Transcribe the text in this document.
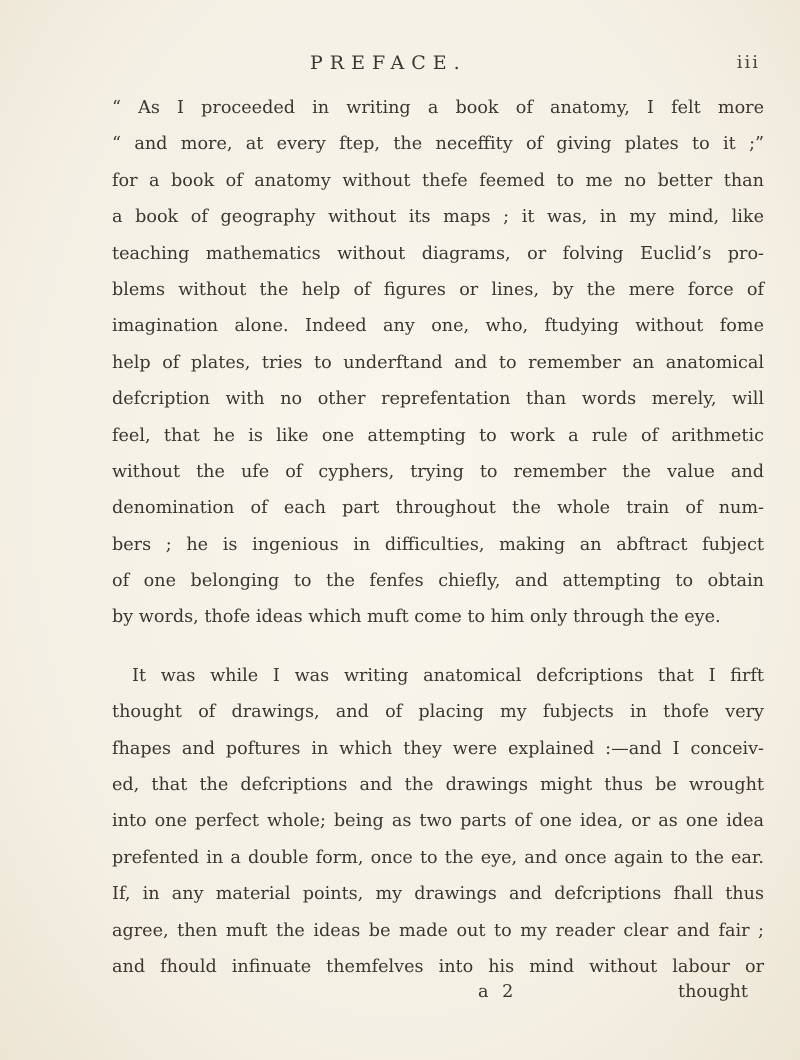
PREFACE.	iii
“ As I proceeded in writing a book of anatomy, I felt more
“ and more, at every ftep, the neceffity of giving plates to it ;”
for a book of anatomy without thefe feemed to me no better than
a book of geography without its maps ; it was, in my mind, like
teaching mathematics without diagrams, or folving Euclid’s pro-
blems without the help of figures or lines, by the mere force of
imagination alone. Indeed any one, who, ftudying without fome
help of plates, tries to underftand and to remember an anatomical
defcription with no other reprefentation than words merely, will
feel, that he is like one attempting to work a rule of arithmetic
without the ufe of cyphers, trying to remember the value and
denomination of each part throughout the whole train of num-
bers ; he is ingenious in difficulties, making an abftract fubject
of one belonging to the fenfes chiefly, and attempting to obtain
by words, thofe ideas which muft come to him only through the eye.
It was while I was writing anatomical defcriptions that I firft
thought of drawings, and of placing my fubjects in thofe very
fhapes and poftures in which they were explained :—and I conceiv-
ed, that the defcriptions and the drawings might thus be wrought
into one perfect whole; being as two parts of one idea, or as one idea
prefented in a double form, once to the eye, and once again to the ear.
If, in any material points, my drawings and defcriptions fhall thus
agree, then muft the ideas be made out to my reader clear and fair ;
and fhould infinuate themfelves into his mind without labour or
a 2	thought
